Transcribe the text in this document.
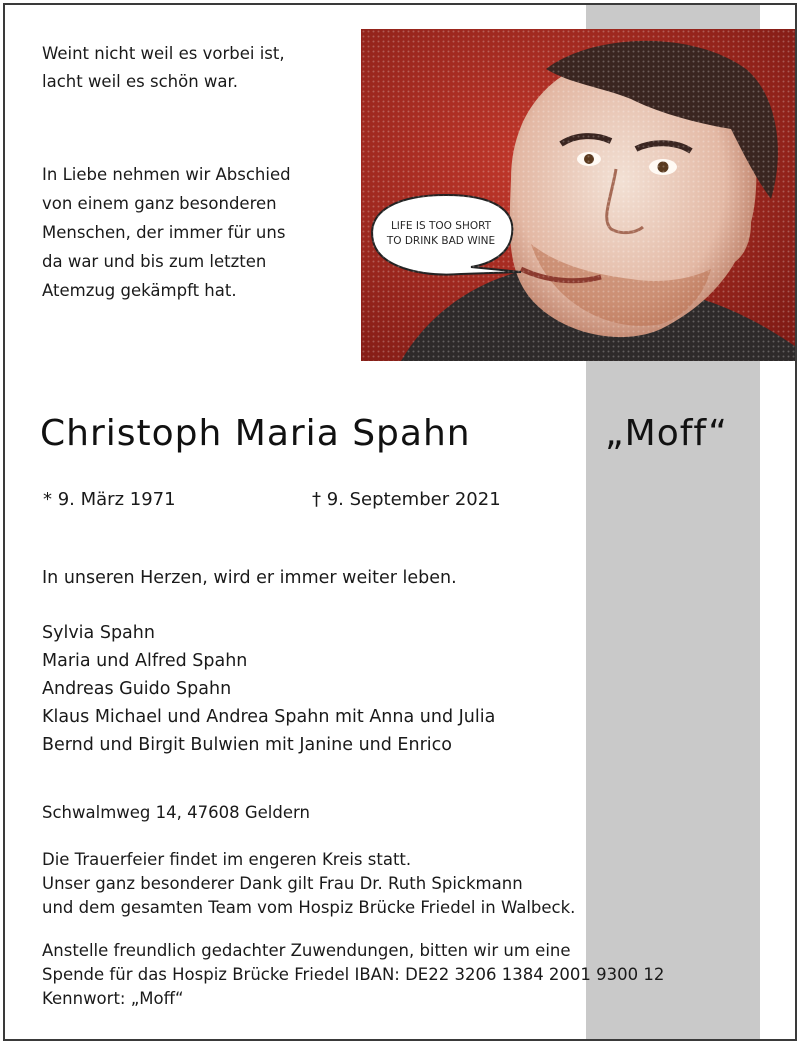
Weint nicht weil es vorbei ist,
lacht weil es schön war.
In Liebe nehmen wir Abschied
von einem ganz besonderen
Menschen, der immer für uns
da war und bis zum letzten
Atemzug gekämpft hat.
Christoph Maria Spahn	„Moff“
* 9. März 1971	† 9. September 2021
In unseren Herzen, wird er immer weiter leben.
Sylvia Spahn
Maria und Alfred Spahn
Andreas Guido Spahn
Klaus Michael und Andrea Spahn mit Anna und Julia
Bernd und Birgit Bulwien mit Janine und Enrico
Schwalmweg 14, 47608 Geldern
Die Trauerfeier findet im engeren Kreis statt.
Unser ganz besonderer Dank gilt Frau Dr. Ruth Spickmann
und dem gesamten Team vom Hospiz Brücke Friedel in Walbeck.
Anstelle freundlich gedachter Zuwendungen, bitten wir um eine
Spende für das Hospiz Brücke Friedel IBAN: DE22 3206 1384 2001 9300 12
Kennwort: „Moff“
